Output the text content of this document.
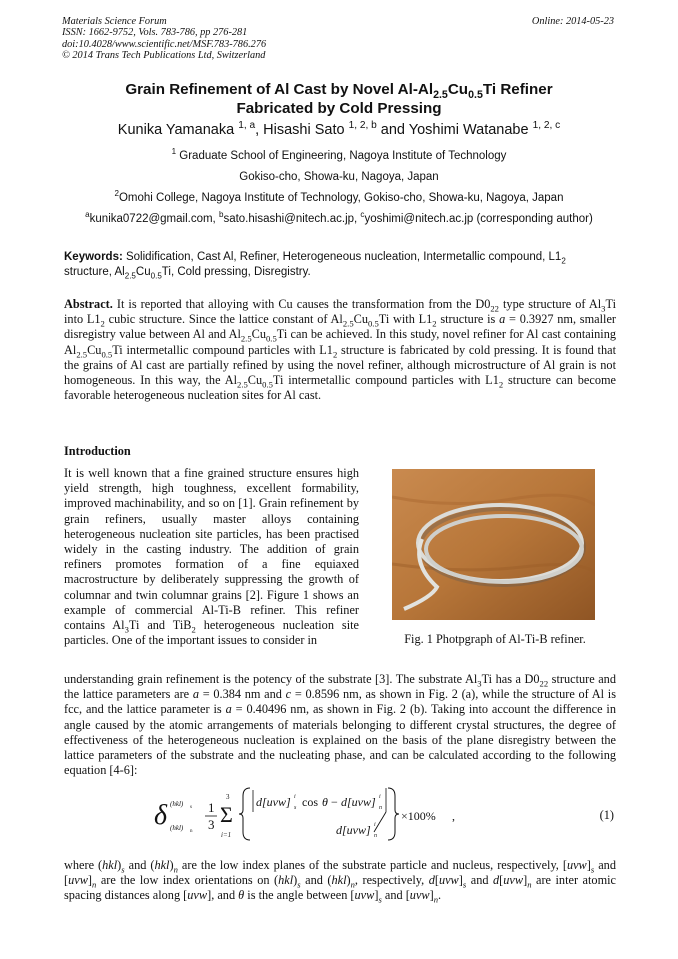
Materials Science Forum
ISSN: 1662-9752, Vols. 783-786, pp 276-281
doi:10.4028/www.scientific.net/MSF.783-786.276
© 2014 Trans Tech Publications Ltd, Switzerland
Online: 2014-05-23
Grain Refinement of Al Cast by Novel $Al-Al_{2.5}Cu_{0.5}Ti$ Refiner
Fabricated by Cold Pressing
Kunika Yamanaka $^{1, a}$, Hisashi Sato $^{1, 2, b}$ and Yoshimi Watanabe $^{1, 2, c}$
$^1$ Graduate School of Engineering, Nagoya Institute of Technology
Gokiso-cho, Showa-ku, Nagoya, Japan
$^2$Omohi College, Nagoya Institute of Technology, Gokiso-cho, Showa-ku, Nagoya, Japan
$^a$kunika0722@gmail.com, $^b$sato.hisashi@nitech.ac.jp, $^c$yoshimi@nitech.ac.jp (corresponding author)
Keywords: Solidification, Cast Al, Refiner, Heterogeneous nucleation, Intermetallic compound, $L1_2$ structure, $Al_{2.5}Cu_{0.5}Ti$, Cold pressing, Disregistry.
Abstract. It is reported that alloying with Cu causes the transformation from the $D0_{22}$ type structure of $Al_3Ti$ into $L1_2$ cubic structure. Since the lattice constant of $Al_{2.5}Cu_{0.5}Ti$ with $L1_2$ structure is a = 0.3927 nm, smaller disregistry value between Al and $Al_{2.5}Cu_{0.5}Ti$ can be achieved. In this study, novel refiner for Al cast containing $Al_{2.5}Cu_{0.5}Ti$ intermetallic compound particles with $L1_2$ structure is fabricated by cold pressing. It is found that the grains of Al cast are partially refined by using the novel refiner, although microstructure of Al grain is not homogeneous. In this way, the $Al_{2.5}Cu_{0.5}Ti$ intermetallic compound particles with $L1_2$ structure can become favorable heterogeneous nucleation sites for Al cast.
Introduction
It is well known that a fine grained structure ensures high yield strength, high toughness, excellent formability, improved machinability, and so on [1]. Grain refinement by grain refiners, usually master alloys containing heterogeneous nucleation site particles, has been practised widely in the casting industry. The addition of grain refiners promotes formation of a fine equiaxed macrostructure by deliberately suppressing the growth of columnar and twin columnar grains [2]. Figure 1 shows an example of commercial Al-Ti-B refiner. This refiner contains $Al_3Ti$ and TiB$_2$ heterogeneous nucleation site particles. One of the important issues to consider in	Fig. 1 Photpgraph of Al-Ti-B refiner.
understanding grain refinement is the potency of the substrate [3]. The substrate $Al_3Ti$ has a $D0_{22}$ structure and the lattice parameters are a = 0.384 nm and c = 0.8596 nm, as shown in Fig. 2 (a), while the structure of Al is fcc, and the lattice parameter is a = 0.40496 nm, as shown in Fig. 2 (b). Taking into account the difference in angle caused by the atomic arrangements of materials belonging to different crystal structures, the degree of effectiveness of the heterogeneous nucleation is explained on the basis of the plane disregistry between the lattice parameters of the substrate and the nucleating phase, and can be calculated according to the following equation [4-6]:
δ (hkl) s
(hkl) n
1
3
3
Σ
i=1
d[uvw] i
s cos θ − d[uvw] i
n
d[uvw] i
n
×100% ,	(1)
where $(hkl)_s$ and $(hkl)_n$ are the low index planes of the substrate particle and nucleus, respectively, $[uvw]_s$ and $[uvw]_n$ are the low index orientations on $(hkl)_s$ and $(hkl)_n$, respectively, $d[uvw]_s$ and $d[uvw]_n$ are inter atomic spacing distances along [uvw], and θ is the angle between $[uvw]_s$ and $[uvw]_n$.
